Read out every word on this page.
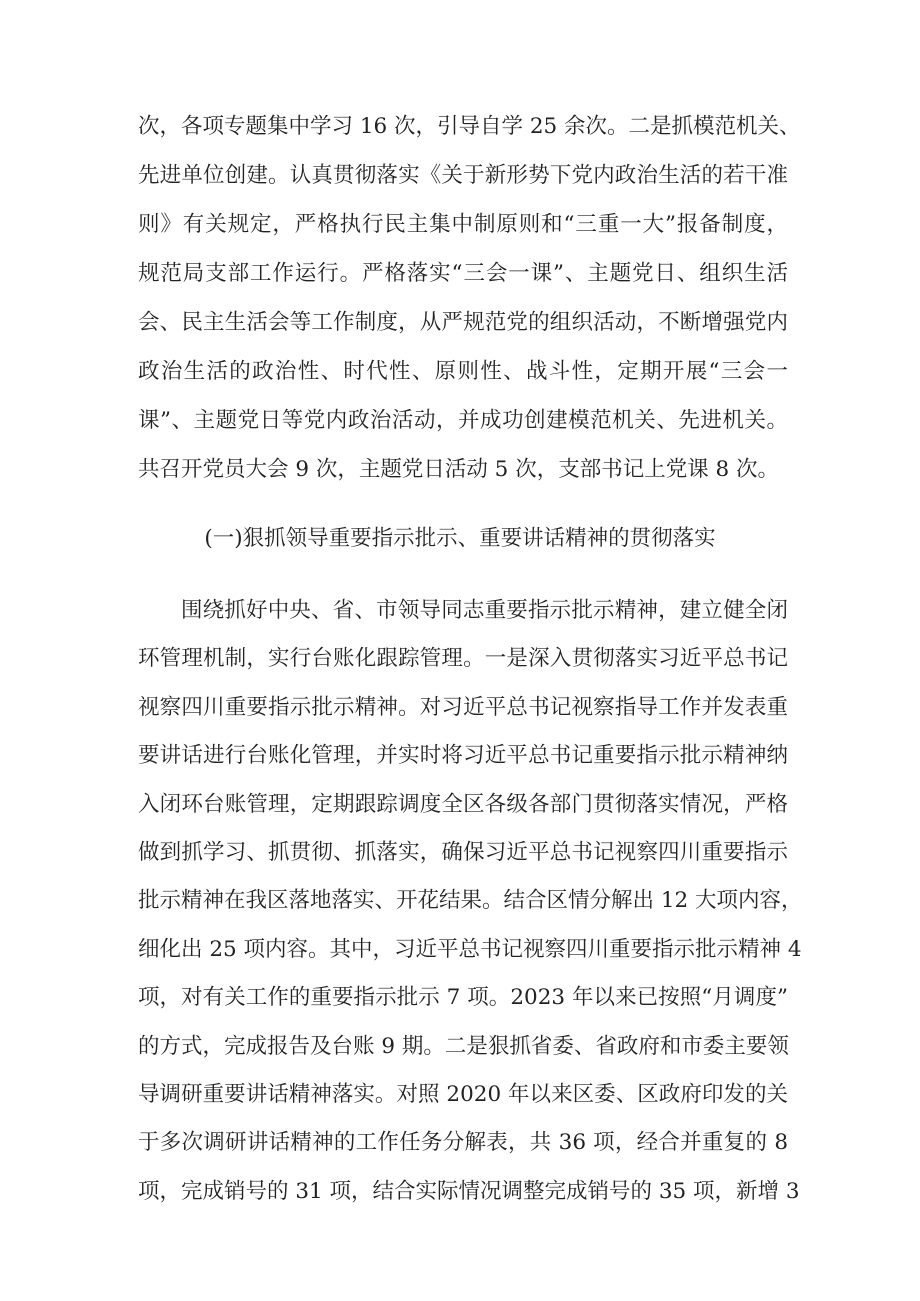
次，各项专题集中学习 16 次，引导自学 25 余次。二是抓模范机关、
先进单位创建。认真贯彻落实《关于新形势下党内政治生活的若干准
则》有关规定，严格执行民主集中制原则和“三重一大”报备制度，
规范局支部工作运行。严格落实“三会一课”、主题党日、组织生活
会、民主生活会等工作制度，从严规范党的组织活动，不断增强党内
政治生活的政治性、时代性、原则性、战斗性，定期开展“三会一
课”、主题党日等党内政治活动，并成功创建模范机关、先进机关。
共召开党员大会 9 次，主题党日活动 5 次，支部书记上党课 8 次。
(一)狠抓领导重要指示批示、重要讲话精神的贯彻落实
围绕抓好中央、省、市领导同志重要指示批示精神，建立健全闭
环管理机制，实行台账化跟踪管理。一是深入贯彻落实习近平总书记
视察四川重要指示批示精神。对习近平总书记视察指导工作并发表重
要讲话进行台账化管理，并实时将习近平总书记重要指示批示精神纳
入闭环台账管理，定期跟踪调度全区各级各部门贯彻落实情况，严格
做到抓学习、抓贯彻、抓落实，确保习近平总书记视察四川重要指示
批示精神在我区落地落实、开花结果。结合区情分解出 12 大项内容，
细化出 25 项内容。其中，习近平总书记视察四川重要指示批示精神 4
项，对有关工作的重要指示批示 7 项。2023 年以来已按照“月调度”
的方式，完成报告及台账 9 期。二是狠抓省委、省政府和市委主要领
导调研重要讲话精神落实。对照 2020 年以来区委、区政府印发的关
于多次调研讲话精神的工作任务分解表，共 36 项，经合并重复的 8
项，完成销号的 31 项，结合实际情况调整完成销号的 35 项，新增 3
